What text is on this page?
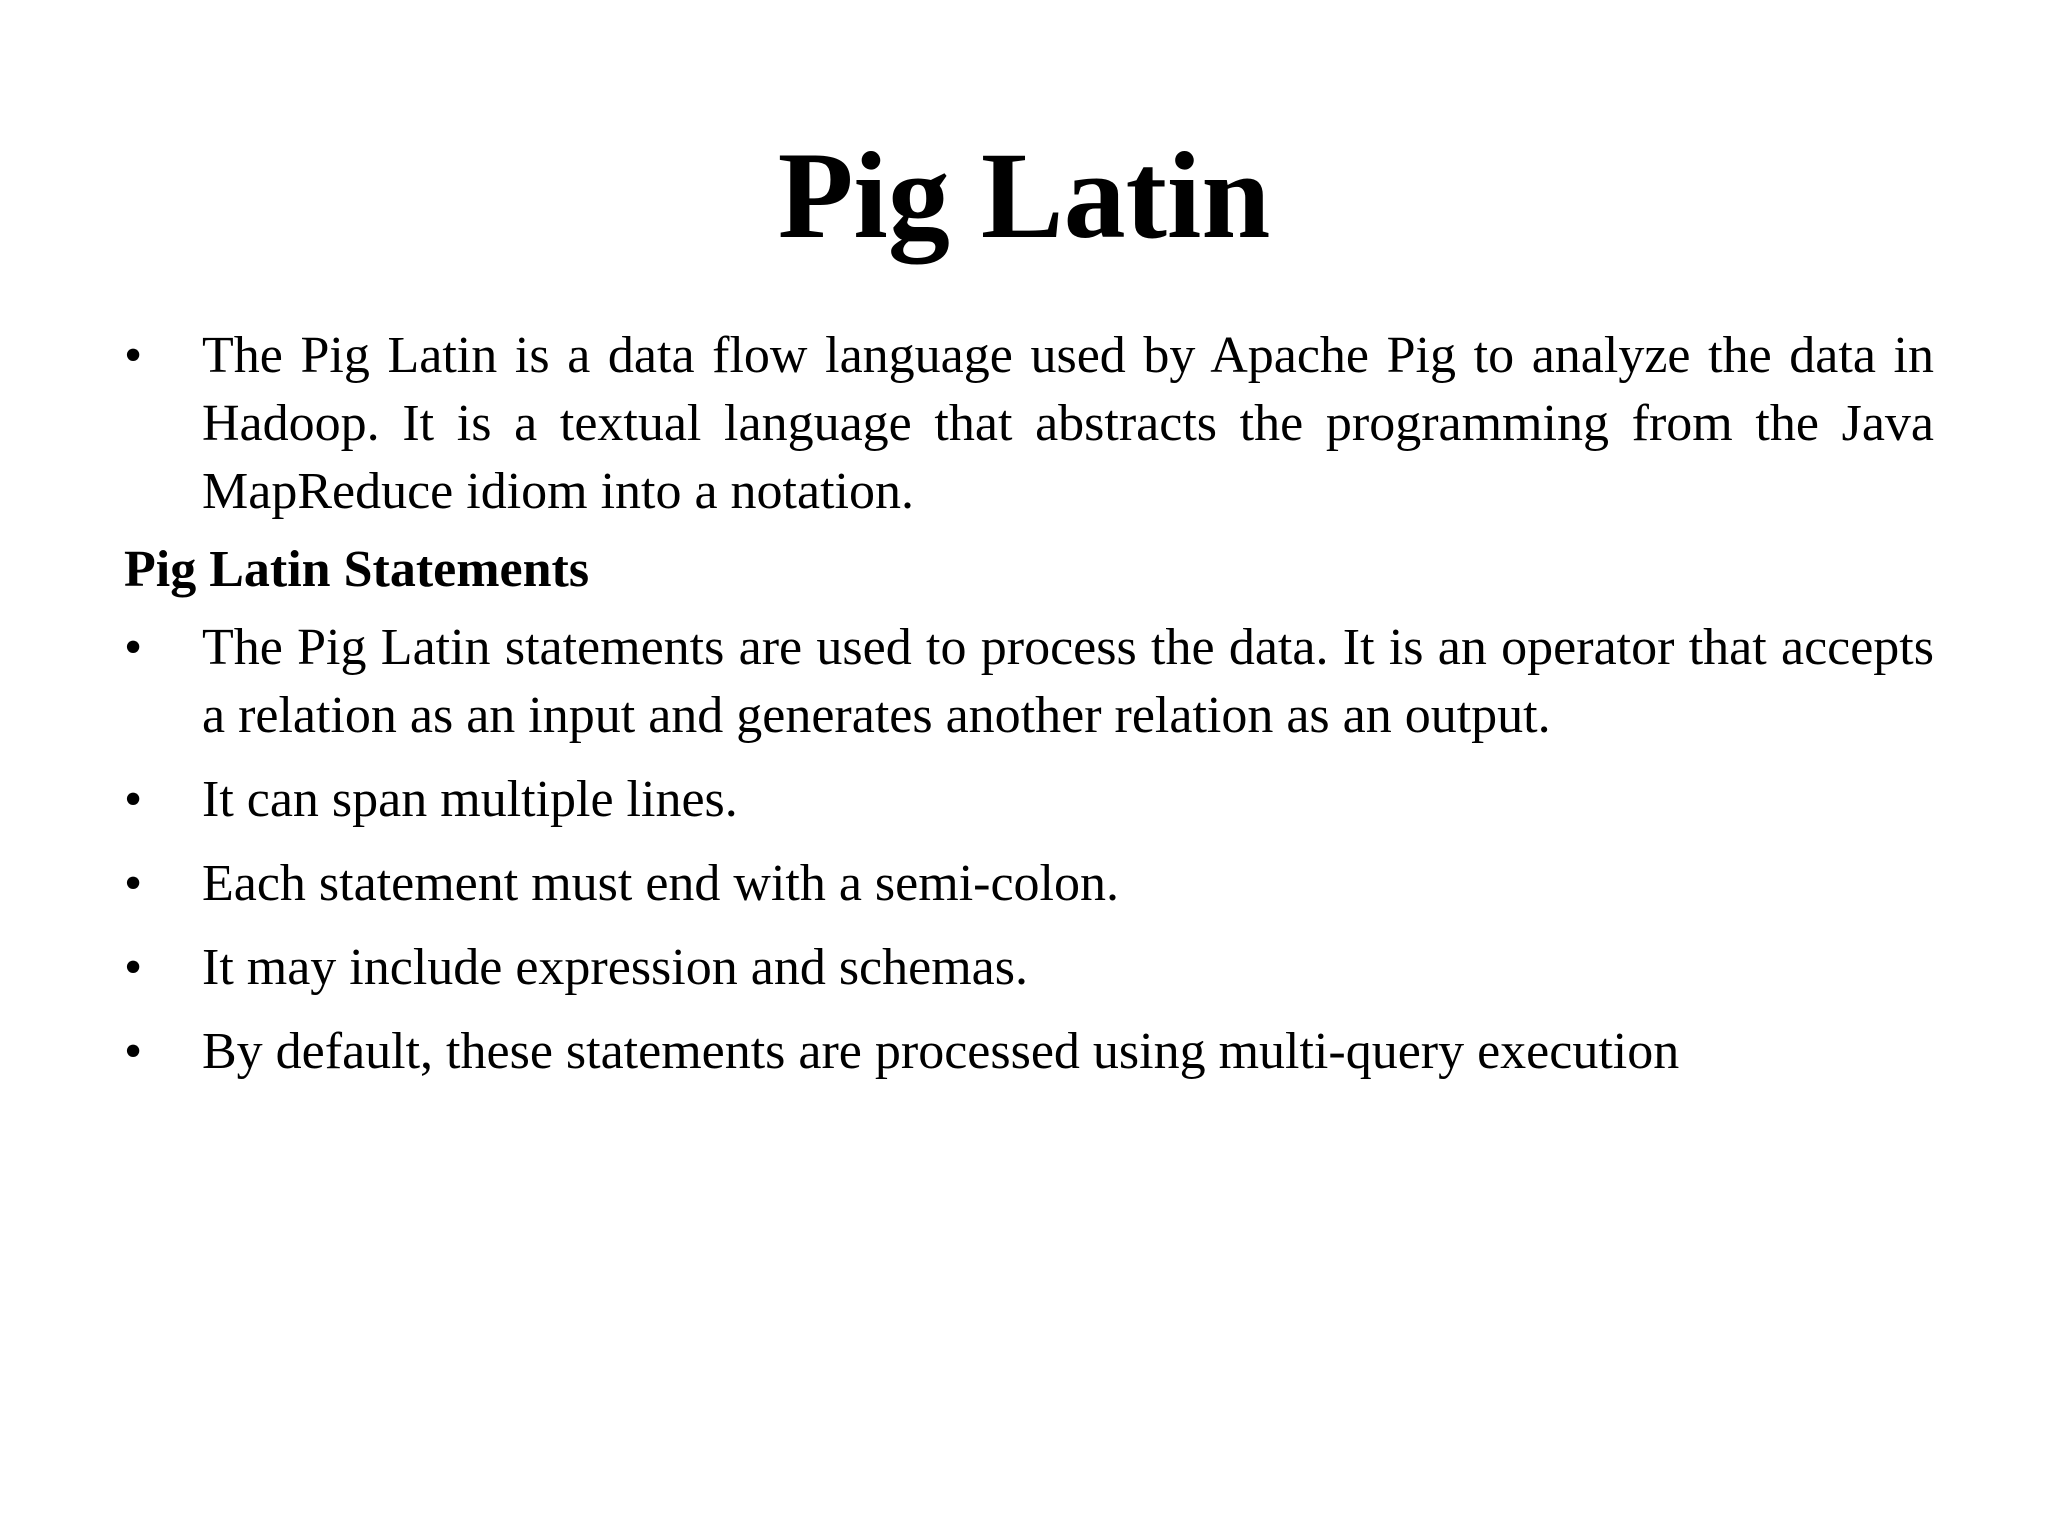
Pig Latin
•	The Pig Latin is a data flow language used by Apache Pig to analyze the data in Hadoop. It is a textual language that abstracts the programming from the Java MapReduce idiom into a notation.
Pig Latin Statements
•	The Pig Latin statements are used to process the data. It is an operator that accepts a relation as an input and generates another relation as an output.
•	It can span multiple lines.
•	Each statement must end with a semi-colon.
•	It may include expression and schemas.
•	By default, these statements are processed using multi-query execution
